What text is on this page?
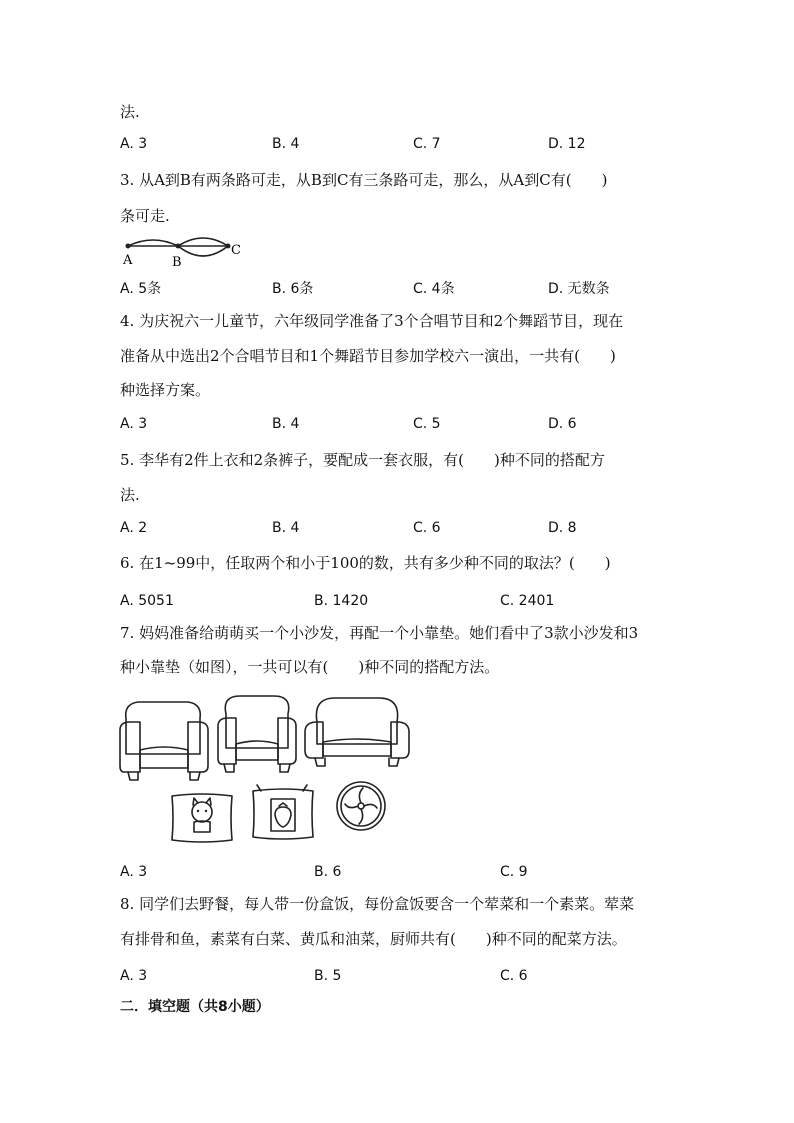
法.
A. 3	B. 4	C. 7	D. 12
3. 从A到B有两条路可走，从B到C有三条路可走，那么，从A到C有(　　)
条可走.
A	B
C
A. 5条	B. 6条	C. 4条	D. 无数条
4. 为庆祝六一儿童节，六年级同学准备了3个合唱节目和2个舞蹈节目，现在
准备从中选出2个合唱节目和1个舞蹈节目参加学校六一演出，一共有(　　)
种选择方案。
A. 3	B. 4	C. 5	D. 6
5. 李华有2件上衣和2条裤子，要配成一套衣服，有(　　)种不同的搭配方
法.
A. 2	B. 4	C. 6	D. 8
6. 在1~99中，任取两个和小于100的数，共有多少种不同的取法？(　　)
A. 5051	B. 1420	C. 2401
7. 妈妈准备给萌萌买一个小沙发，再配一个小靠垫。她们看中了3款小沙发和3
种小靠垫（如图），一共可以有(　　)种不同的搭配方法。
A. 3	B. 6	C. 9
8. 同学们去野餐，每人带一份盒饭，每份盒饭要含一个荤菜和一个素菜。荤菜
有排骨和鱼，素菜有白菜、黄瓜和油菜，厨师共有(　　)种不同的配菜方法。
A. 3	B. 5	C. 6
二．填空题（共8小题）
